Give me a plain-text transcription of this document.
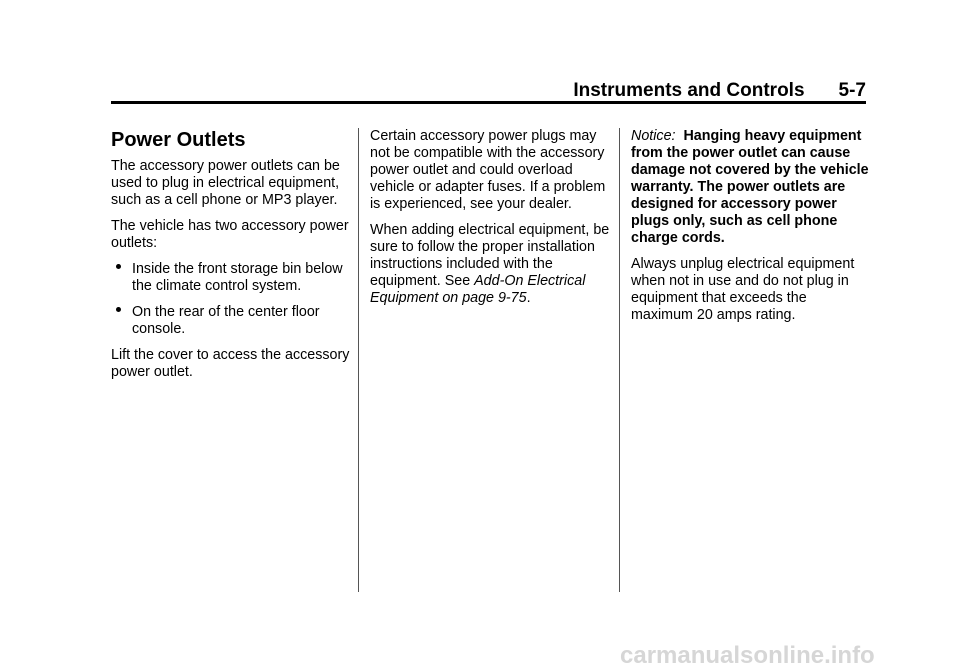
Instruments and Controls 5-7
Power Outlets

The accessory power outlets can be used to plug in electrical equipment, such as a cell phone or MP3 player.

The vehicle has two accessory power outlets:

Inside the front storage bin below the climate control system.
On the rear of the center floor console.

Lift the cover to access the accessory power outlet.

Certain accessory power plugs may not be compatible with the accessory power outlet and could overload vehicle or adapter fuses. If a problem is experienced, see your dealer.

When adding electrical equipment, be sure to follow the proper installation instructions included with the equipment. See Add-On Electrical Equipment on page 9-75.

Notice: Hanging heavy equipment from the power outlet can cause damage not covered by the vehicle warranty. The power outlets are designed for accessory power plugs only, such as cell phone charge cords.

Always unplug electrical equipment when not in use and do not plug in equipment that exceeds the maximum 20 amps rating.

carmanualsonline.info
